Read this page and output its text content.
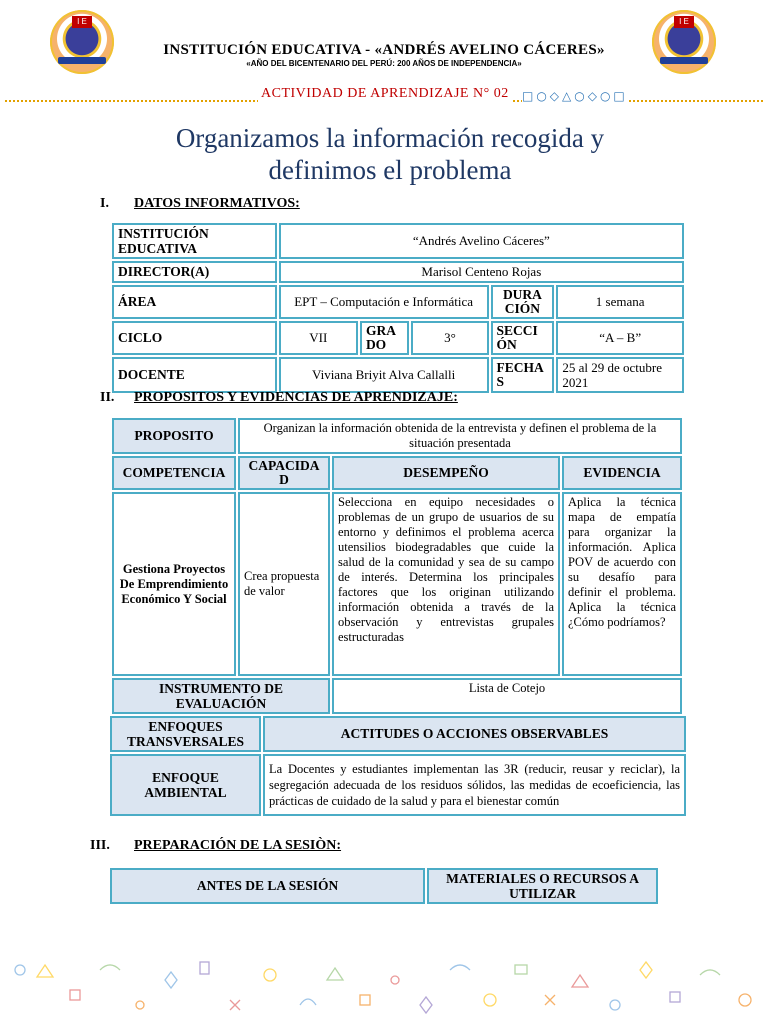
I E	I E
INSTITUCIÓN EDUCATIVA - «ANDRÉS AVELINO CÁCERES»
«AÑO DEL BICENTENARIO DEL PERÚ: 200 AÑOS DE INDEPENDENCIA»
ACTIVIDAD DE APRENDIZAJE N° 02 □○◇△○◇○□
Organizamos la información recogida y
definimos el problema
I. DATOS INFORMATIVOS:
INSTITUCIÓN EDUCATIVA	“Andrés Avelino Cáceres”				
DIRECTOR(A)	Marisol Centeno Rojas				
ÁREA	EPT – Computación e Informática			DURA CIÓN	1 semana
CICLO	VII	GRA DO	3°	SECCI ÓN	“A – B”
DOCENTE	Viviana Briyit Alva Callalli			FECHA S	25 al 29 de octubre 2021
II. PROPOSITOS Y EVIDENCIAS DE APRENDIZAJE:
PROPOSITO	Organizan la información obtenida de la entrevista y definen el problema de la situación presentada		
COMPETENCIA	CAPACIDA D	DESEMPEÑO	EVIDENCIA
Gestiona Proyectos De Emprendimiento Económico Y Social	Crea propuesta de valor	Selecciona en equipo necesidades o problemas de un grupo de usuarios de su entorno y definimos el problema acerca utensilios biodegradables que cuide la salud de la comunidad y sea de su campo de interés. Determina los principales factores que los originan utilizando información obtenida a través de la observación y entrevistas grupales estructuradas	Aplica la técnica mapa de empatía para organizar la información. Aplica POV de acuerdo con su desafío para definir el problema. Aplica la técnica ¿Cómo podríamos?
INSTRUMENTO DE EVALUACIÓN		Lista de Cotejo	
ENFOQUES TRANSVERSALES	ACTITUDES O ACCIONES OBSERVABLES
ENFOQUE AMBIENTAL	La Docentes y estudiantes implementan las 3R (reducir, reusar y reciclar), la segregación adecuada de los residuos sólidos, las medidas de ecoeficiencia, las prácticas de cuidado de la salud y para el bienestar común
III. PREPARACIÓN DE LA SESIÒN:
ANTES DE LA SESIÓN	MATERIALES O RECURSOS A UTILIZAR
